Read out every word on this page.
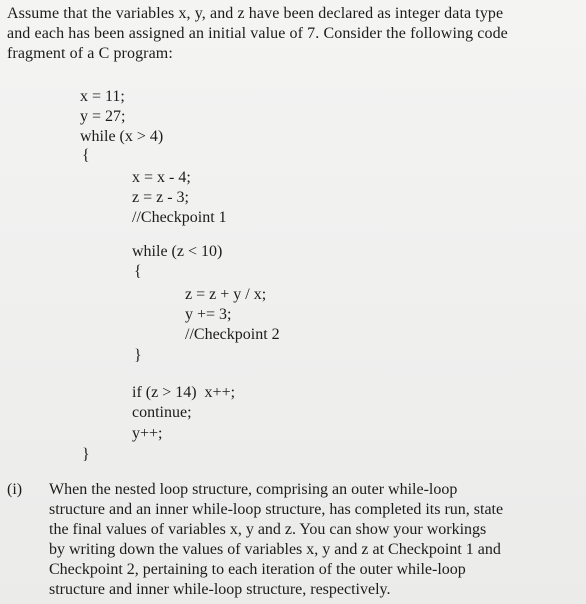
Assume that the variables x, y, and z have been declared as integer data type

and each has been assigned an initial value of 7. Consider the following code

fragment of a C program:

x = 11;
y = 27;
while (x > 4)
{
x = x - 4;
z = z - 3;
//Checkpoint 1
while (z < 10)
{
z = z + y / x;
y += 3;
//Checkpoint 2
}
if (z > 14)  x++;
continue;
y++;
}
(i) When the nested loop structure, comprising an outer while-loop

structure and an inner while-loop structure, has completed its run, state

the final values of variables x, y and z. You can show your workings

by writing down the values of variables x, y and z at Checkpoint 1 and

Checkpoint 2, pertaining to each iteration of the outer while-loop

structure and inner while-loop structure, respectively.
